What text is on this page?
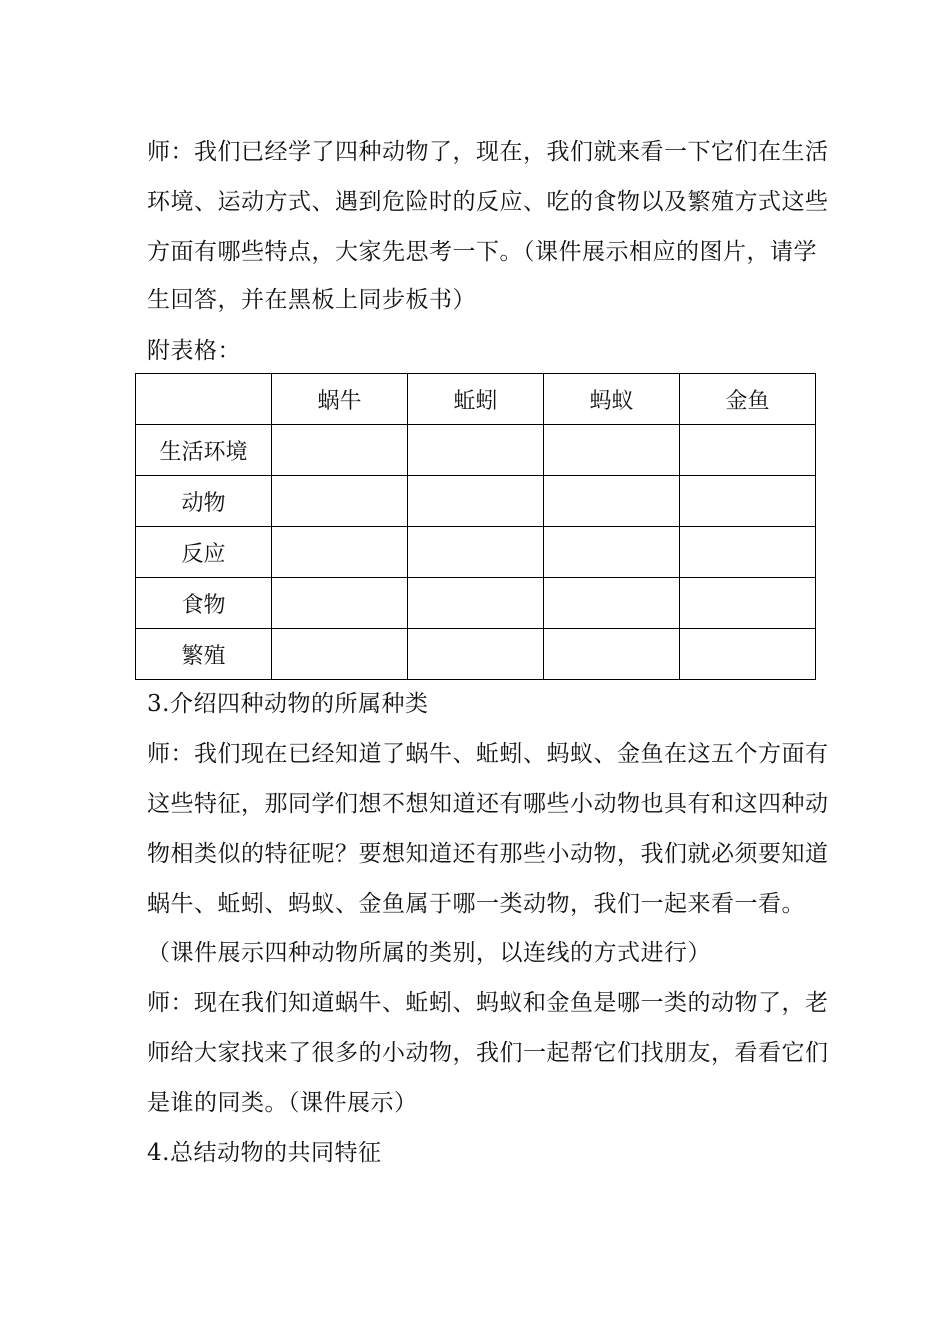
师：我们已经学了四种动物了，现在，我们就来看一下它们在生活

环境、运动方式、遇到危险时的反应、吃的食物以及繁殖方式这些

方面有哪些特点，大家先思考一下。（课件展示相应的图片，请学

生回答，并在黑板上同步板书）

附表格：

	蜗牛	蚯蚓	蚂蚁	金鱼
生活环境				
动物				
反应				
食物				
繁殖				

3.介绍四种动物的所属种类

师：我们现在已经知道了蜗牛、蚯蚓、蚂蚁、金鱼在这五个方面有

这些特征，那同学们想不想知道还有哪些小动物也具有和这四种动

物相类似的特征呢？要想知道还有那些小动物，我们就必须要知道

蜗牛、蚯蚓、蚂蚁、金鱼属于哪一类动物，我们一起来看一看。

（课件展示四种动物所属的类别，以连线的方式进行）

师：现在我们知道蜗牛、蚯蚓、蚂蚁和金鱼是哪一类的动物了，老

师给大家找来了很多的小动物，我们一起帮它们找朋友，看看它们

是谁的同类。（课件展示）

4.总结动物的共同特征
